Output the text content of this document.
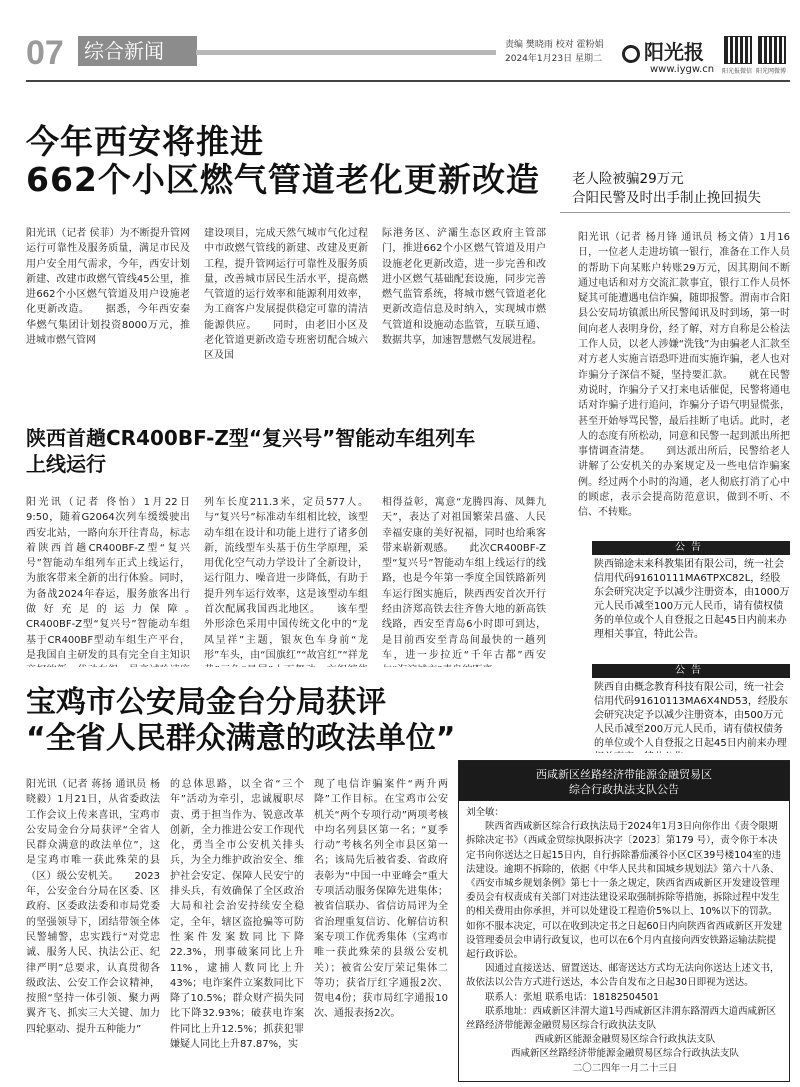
07	综合新闻	责编 樊晓雨 校对 霍粉娟
2024年1月23日 星期二	阳光报
www.iygw.cn 阳光报微信 阳光网微博
今年西安将推进
662个小区燃气管道老化更新改造
阳光讯（记者 侯菲）为不断提升管网运行可靠性及服务质量，满足市民及用户安全用气需求，今年，西安计划新建、改建市政燃气管线45公里，推进662个小区燃气管道及用户设施老化更新改造。　　据悉，今年西安秦华燃气集团计划投资8000万元，推进城市燃气管网
建设项目，完成天然气城市气化过程中市政燃气管线的新建、改建及更新工程，提升管网运行可靠性及服务质量，改善城市居民生活水平，提高燃气管道的运行效率和能源利用效率，为工商客户发展提供稳定可靠的清洁能源供应。　　同时，由老旧小区及老化管道更新改造专班密切配合城六区及国
际港务区、浐灞生态区政府主管部门，推进662个小区燃气管道及用户设施老化更新改造，进一步完善和改进小区燃气基础配套设施，同步完善燃气监管系统，将城市燃气管道老化更新改造信息及时纳入，实现城市燃气管道和设施动态监管，互联互通、数据共享，加速智慧燃气发展进程。
陕西首趟CR400BF-Z型“复兴号”智能动车组列车
上线运行
阳光讯（记者 佟怡）1月22日9:50，随着G2064次列车缓缓驶出西安北站，一路向东开往青岛，标志着陕西首趟CR400BF-Z型“复兴号”智能动车组列车正式上线运行，为旅客带来全新的出行体验。同时，为备战2024年春运，服务旅客出行做好充足的运力保障。　　CR400BF-Z型“复兴号”智能动车组基于CR400BF型动车组生产平台，是我国自主研发的具有完全自主知识
列车长度211.3米，定员577人。与“复兴号”标准动车组相比较，该型动车组在设计和功能上进行了诸多创新，流线型车头基于仿生学原理，采用优化空气动力学设计了全新设计，运行阻力、噪音进一步降低，有助于提升列车运行效率，这是该型动车组首次配属我国西北地区。　　该车型外形涂色采用中国传统文化中的“龙凤呈祥”主题，银灰色车身前“龙形”车头，由“国旗红”“故宫红”“祥龙
相得益彰，寓意“龙腾四海、凤舞九天”，表达了对祖国繁荣昌盛、人民幸福安康的美好祝福，同时也给乘客带来崭新观感。　　此次CR400BF-Z型“复兴号”智能动车组上线运行的线路，也是今年第一季度全国铁路新列车运行图实施后，陕西西安首次开行经由济郑高铁去往齐鲁大地的新高铁线路，西安至青岛6小时即可到达，是目前西安至青岛间最快的一趟列车，进一步拉近“千年古都”西安
宝鸡市公安局金台分局获评
“全省人民群众满意的政法单位”
阳光讯（记者 蒋扬 通讯员 杨晓毅）1月21日，从省委政法工作会议上传来喜讯，宝鸡市公安局金台分局获评“全省人民群众满意的政法单位”，这是宝鸡市唯一获此殊荣的县（区）级公安机关。　　2023年，公安金台分局在区委、区政府、区委政法委和市局党委的坚强领导下，团结带领全体民警辅警，忠实践行“对党忠诚、服务人民、执法公正、纪律严明”总要求，认真贯彻各级政法、公安工作会议精神，按照“坚持一体引领、聚力两翼齐飞、抓实三大关键、加力四轮驱动、提升五种能力”
的总体思路，以全省“三个年”活动为牵引，忠诚履职尽责、勇于担当作为、锐意改革创新，全力推进公安工作现代化，勇当全市公安机关排头兵，为全力维护政治安全、维护社会安定、保障人民安宁的排头兵，有效确保了全区政治大局和社会治安持续安全稳定，全年，辖区盗抢骗等可防性案件发案数同比下降22.3%，刑事破案同比上升11%，逮捕人数同比上升43%；电诈案件立案数同比下降了10.5%；群众财产损失同比下降32.93%；破获电诈案件同比上升12.5%；抓获犯罪嫌疑人同比上升87.87%，实
现了电信诈骗案件“两升两降”工作目标。在宝鸡市公安机关“两个专项行动”两项考核中均名列县区第一名；“夏季行动”考核名列全市县区第一名；该局先后被省委、省政府表彰为“中国一中亚峰会”重大专项活动服务保障先进集体；被省信联办、省信访局评为全省治理重复信访、化解信访积案专项工作优秀集体（宝鸡市唯一获此殊荣的县级公安机关）；被省公安厅荣记集体二等功；获省厅红字通报2次、贺电4份；获市局红字通报10次、通报表扬2次。
老人险被骗29万元
合阳民警及时出手制止挽回损失
阳光讯（记者 杨月锋 通讯员 杨文倩）1月16日，一位老人走进坊镇一银行，准备在工作人员的帮助下向某账户转账29万元，因其期间不断通过电话和对方交流汇款事宜，银行工作人员怀疑其可能遭遇电信诈骗，随即报警。渭南市合阳县公安局坊镇派出所民警闻讯及时到场，第一时间向老人表明身份，经了解，对方自称是公检法工作人员，以老人涉嫌“洗钱”为由骗老人汇款至对方老人实施言语恐吓进而实施诈骗，老人也对诈骗分子深信不疑，坚持要汇款。　　就在民警劝说时，诈骗分子又打来电话催促，民警将通电话对诈骗子进行追问，诈骗分子语气明显慌张，甚至开始辱骂民警，最后挂断了电话。此时，老人的态度有所松动，同意和民警一起到派出所把事情调查清楚。　　到达派出所后，民警给老人讲解了公安机关的办案规定及一些电信诈骗案例。经过两个小时的沟通，老人彻底打消了心中的顾虑，表示会提高防范意识，做到不听、不信、不转账。
公告
陕西锦途末来科教集团有限公司，统一社会信用代码91610111MA6TPXC82L，经股东会研究决定予以减少注册资本，由1000万元人民币减至100万元人民币，请有债权债务的单位或个人自登报之日起45日内前来办理相关事宜，特此公告。
公告
陕西自由概念教育科技有限公司，统一社会信用代码91610113MA6X4ND53，经股东会研究决定予以减少注册资本，由500万元人民币减至200万元人民币，请有债权债务的单位或个人自登报之日起45日内前来办理
西咸新区丝路经济带能源金融贸易区
综合行政执法支队公告

刘全敏：

陕西省西咸新区综合行政执法局于2024年1月3日向你作出《责令限期拆除决定书》（西咸金贸综执限拆决字〔2023〕第179 号），责令你于本决定书向你送达之日起15日内，自行拆除番茄溪谷小区C区39号楼104室的违法建设。逾期不拆除的，依据《中华人民共和国城乡规划法》第六十八条、《西安市城乡规划条例》第七十一条之规定，陕西省西咸新区开发建设管理委员会有权责成有关部门对违法建设采取强制拆除等措施，拆除过程中发生的相关费用由你承担，并可以处建设工程造价5%以上、10%以下的罚款。如你不服本决定，可以在收到决定书之日起60日内向陕西省西咸新区开发建设管理委员会申请行政复议，也可以在6个月内直接向西安铁路运输法院提起行政诉讼。

因通过直接送达、留置送达、邮寄送达方式均无法向你送达上述文书，故依法以公告方式进行送达，本公告自发布之日起30日即视为送达。

联系人：张旭 联系电话：18182504501

联系地址：西咸新区沣渭大道1号西咸新区沣渭东路渭西大道西咸新区丝路经济带能源金融贸易区综合行政执法支队

西咸新区能源金融贸易区综合行政执法支队

西咸新区丝路经济带能源金融贸易区综合行政执法支队

二〇二四年一月二十三日
